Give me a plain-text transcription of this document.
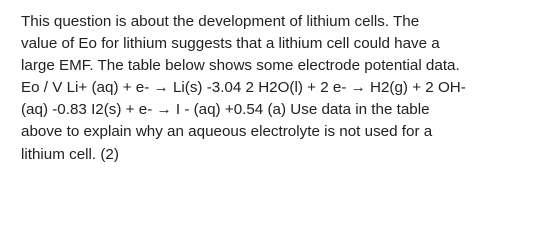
This question is about the development of lithium cells. The
value of Eo for lithium suggests that a lithium cell could have a
large EMF. The table below shows some electrode potential data.
Eo / V Li+ (aq) + e- → Li(s) -3.04 2 H2O(l) + 2 e- → H2(g) + 2 OH-
(aq) -0.83 I2(s) + e- → I - (aq) +0.54 (a) Use data in the table
above to explain why an aqueous electrolyte is not used for a
lithium cell. (2)
